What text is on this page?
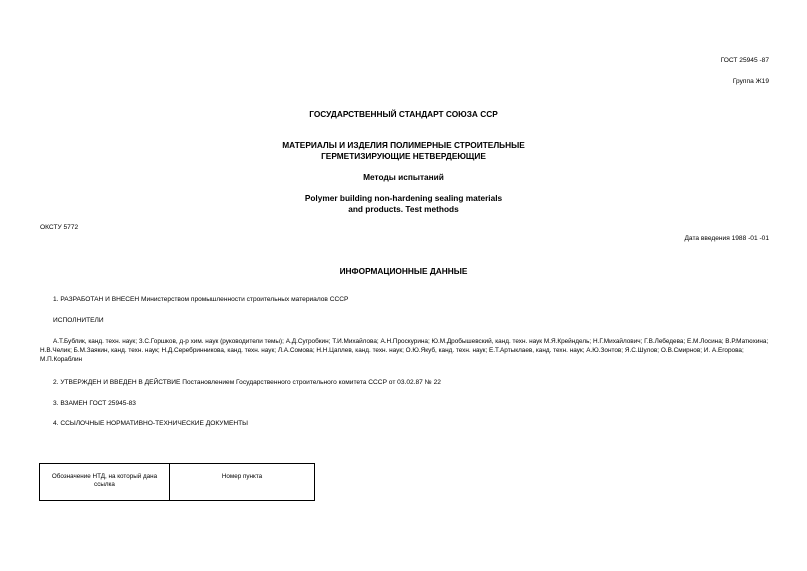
ГОСТ 25945 -87
Группа Ж19
ГОСУДАРСТВЕННЫЙ СТАНДАРТ СОЮЗА ССР
МАТЕРИАЛЫ И ИЗДЕЛИЯ ПОЛИМЕРНЫЕ СТРОИТЕЛЬНЫЕ
ГЕРМЕТИЗИРУЮЩИЕ НЕТВЕРДЕЮЩИЕ
Методы испытаний
Polymer building non-hardening sealing materials
and products. Test methods
ОКСТУ 5772
Дата введения 1988 -01 -01
ИНФОРМАЦИОННЫЕ ДАННЫЕ
1. РАЗРАБОТАН И ВНЕСЕН Министерством промышленности строительных материалов СССР
ИСПОЛНИТЕЛИ
А.Т.Бублик, канд. техн. наук; З.С.Горшков, д-р хим. наук (руководители темы); А.Д.Сугробкин; Т.И.Михайлова; А.Н.Проскурина; Ю.М.Дробышевский, канд. техн. наук М.Я.Крейндель; Н.Г.Михайлович; Г.В.Лебедева; Е.М.Лосина; В.Р.Матюхина; Н.В.Челик; Б.М.Заякин, канд. техн. наук; Н.Д.Серебринникова, канд. техн. наук; Л.А.Сомова; Н.Н.Цаплев, канд. техн. наук; О.Ю.Якуб, канд. техн. наук; Е.Т.Артыклаев, канд. техн. наук; А.Ю.Зонтов; Я.С.Шулов; О.В.Смирнов; И. А.Егорова; М.П.Кораблин
2. УТВЕРЖДЕН И ВВЕДЕН В ДЕЙСТВИЕ Постановлением Государственного строительного комитета СССР от 03.02.87 № 22
3. ВЗАМЕН ГОСТ 25945-83
4. ССЫЛОЧНЫЕ НОРМАТИВНО-ТЕХНИЧЕСКИЕ ДОКУМЕНТЫ
Обозначение НТД, на который дана ссылка	Номер пункта
